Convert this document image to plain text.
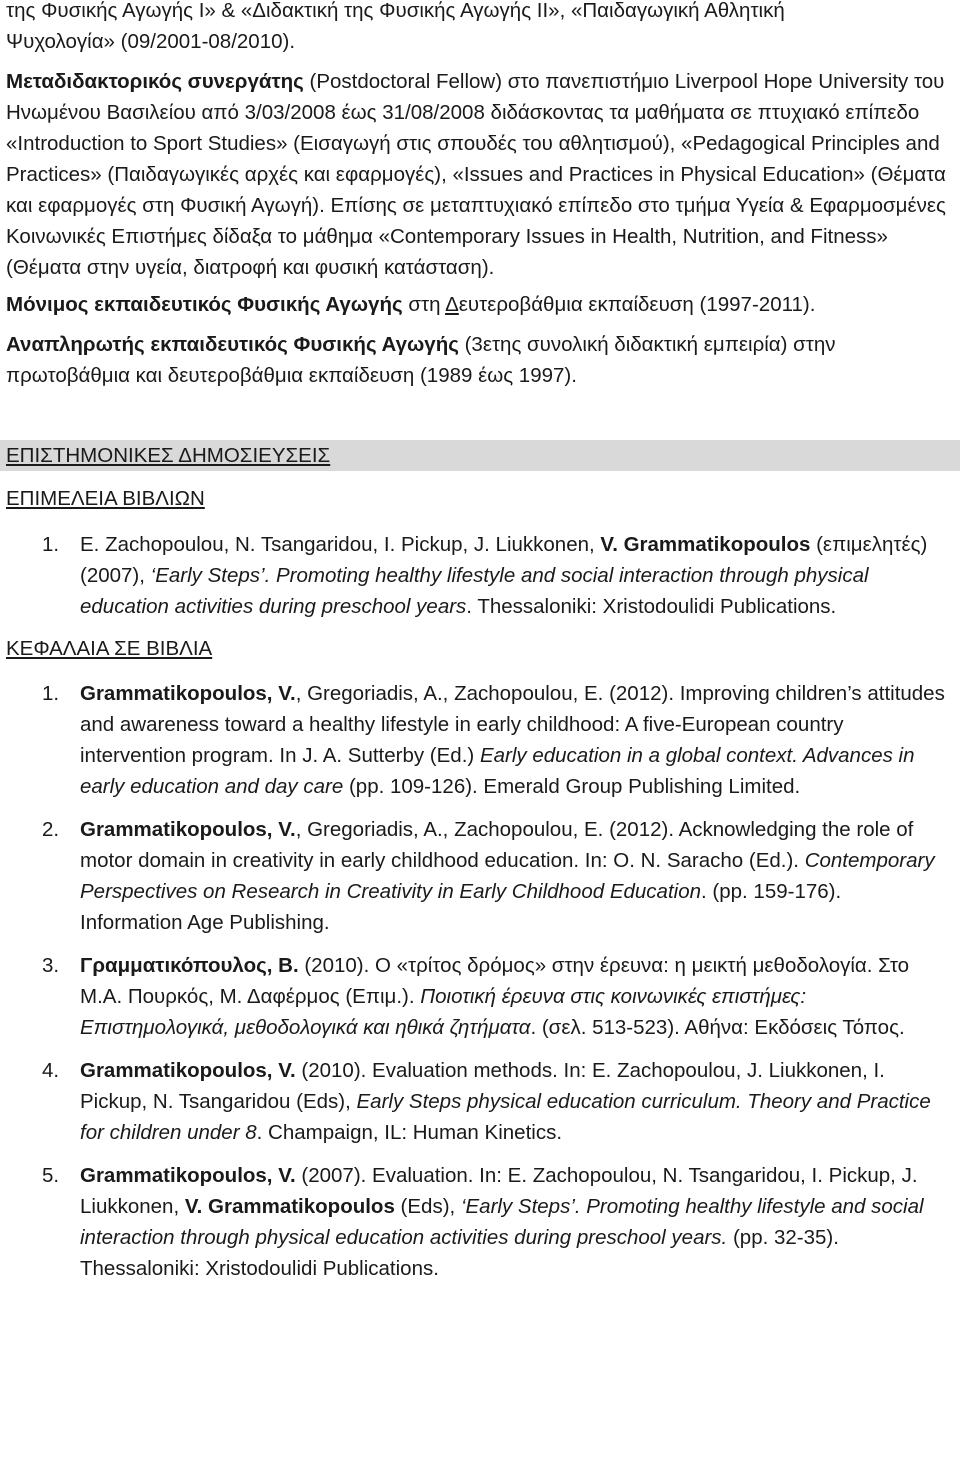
της Φυσικής Αγωγής Ι» & «Διδακτική της Φυσικής Αγωγής ΙΙ», «Παιδαγωγική Αθλητική
Ψυχολογία» (09/2001-08/2010).

Μεταδιδακτορικός συνεργάτης (Postdoctoral Fellow) στο πανεπιστήμιο Liverpool Hope University του Ηνωμένου Βασιλείου από 3/03/2008 έως 31/08/2008 διδάσκοντας τα μαθήματα σε πτυχιακό επίπεδο «Introduction to Sport Studies» (Εισαγωγή στις σπουδές του αθλητισμού), «Pedagogical Principles and Practices» (Παιδαγωγικές αρχές και εφαρμογές), «Issues and Practices in Physical Education» (Θέματα και εφαρμογές στη Φυσική Αγωγή). Επίσης σε μεταπτυχιακό επίπεδο στο τμήμα Υγεία & Εφαρμοσμένες Κοινωνικές Επιστήμες δίδαξα το μάθημα «Contemporary Issues in Health, Nutrition, and Fitness» (Θέματα στην υγεία, διατροφή και φυσική κατάσταση).

Μόνιμος εκπαιδευτικός Φυσικής Αγωγής στη Δευτεροβάθμια εκπαίδευση (1997-2011).

Αναπληρωτής εκπαιδευτικός Φυσικής Αγωγής (3ετης συνολική διδακτική εμπειρία) στην πρωτοβάθμια και δευτεροβάθμια εκπαίδευση (1989 έως 1997).

ΕΠΙΣΤΗΜΟΝΙΚΕΣ ΔΗΜΟΣΙΕΥΣΕΙΣ
ΕΠΙΜΕΛΕΙΑ ΒΙΒΛΙΩΝ
1. E. Zachopoulou, N. Tsangaridou, I. Pickup, J. Liukkonen, V. Grammatikopoulos (επιμελητές) (2007), ‘Early Steps’. Promoting healthy lifestyle and social interaction through physical education activities during preschool years. Thessaloniki: Xristodoulidi Publications.
ΚΕΦΑΛΑΙΑ ΣΕ ΒΙΒΛΙΑ
1. Grammatikopoulos, V., Gregoriadis, A., Zachopoulou, E. (2012). Improving children’s attitudes and awareness toward a healthy lifestyle in early childhood: A five-European country intervention program. In J. A. Sutterby (Ed.) Early education in a global context. Advances in early education and day care (pp. 109-126). Emerald Group Publishing Limited.
2. Grammatikopoulos, V., Gregoriadis, A., Zachopoulou, E. (2012). Acknowledging the role of motor domain in creativity in early childhood education. In: O. N. Saracho (Ed.). Contemporary Perspectives on Research in Creativity in Early Childhood Education. (pp. 159-176). Information Age Publishing.
3. Γραμματικόπουλος, Β. (2010). Ο «τρίτος δρόμος» στην έρευνα: η μεικτή μεθοδολογία. Στο Μ.Α. Πουρκός, Μ. Δαφέρμος (Επιμ.). Ποιοτική έρευνα στις κοινωνικές επιστήμες: Επιστημολογικά, μεθοδολογικά και ηθικά ζητήματα. (σελ. 513-523). Αθήνα: Εκδόσεις Τόπος.
4. Grammatikopoulos, V. (2010). Evaluation methods. In: E. Zachopoulou, J. Liukkonen, I. Pickup, N. Tsangaridou (Eds), Early Steps physical education curriculum. Theory and Practice for children under 8. Champaign, IL: Human Kinetics.
5. Grammatikopoulos, V. (2007). Evaluation. In: E. Zachopoulou, N. Tsangaridou, I. Pickup, J. Liukkonen, V. Grammatikopoulos (Eds), ‘Early Steps’. Promoting healthy lifestyle and social interaction through physical education activities during preschool years. (pp. 32-35). Thessaloniki: Xristodoulidi Publications.
